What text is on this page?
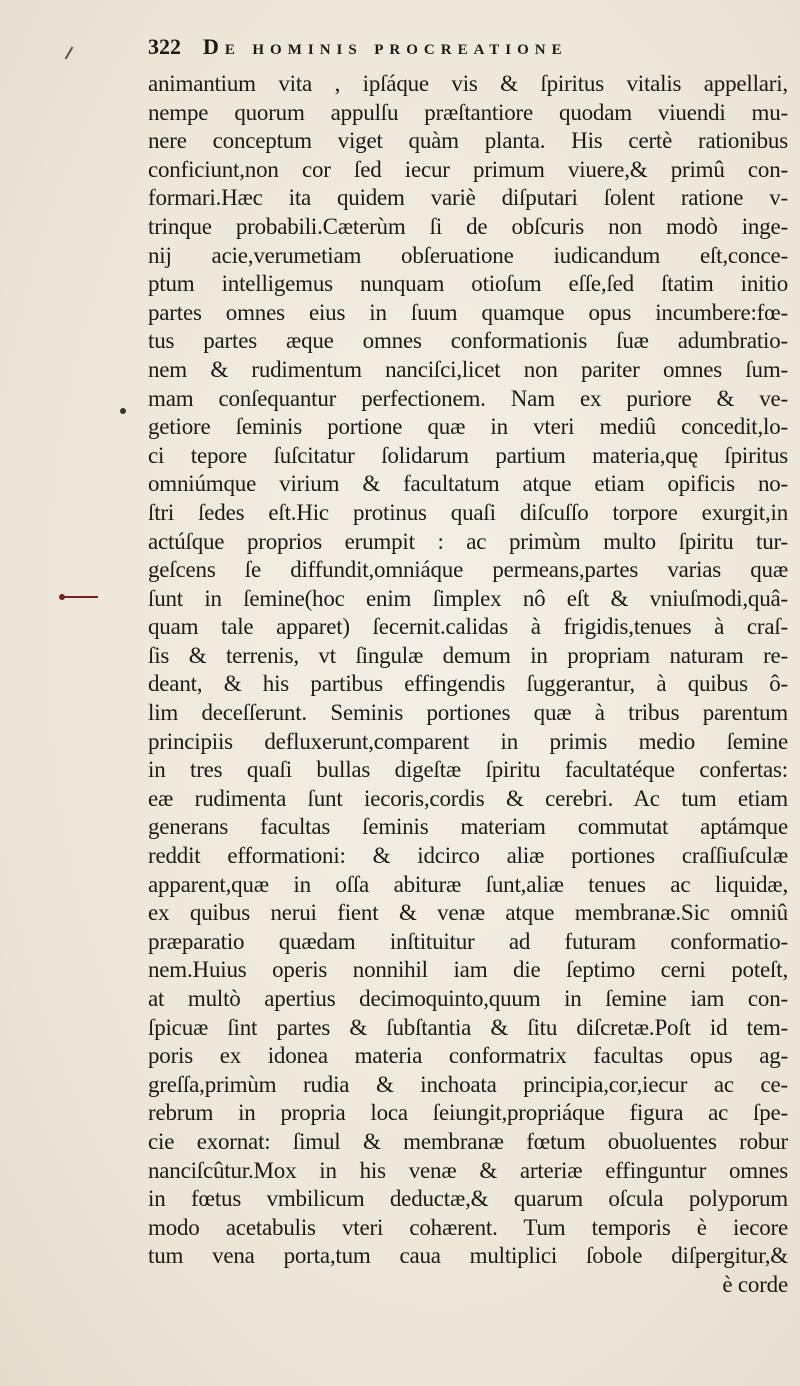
322 De hominis procreatione
animantium vita , ipſáque vis & ſpiritus vitalis appellari,
nempe quorum appulſu præſtantiore quodam viuendi mu-
nere conceptum viget quàm planta. His certè rationibus
conficiunt,non cor ſed iecur primum viuere,& primû con-
formari.Hæc ita quidem variè diſputari ſolent ratione v-
trinque probabili.Cæterùm ſi de obſcuris non modò inge-
nij acie,verumetiam obſeruatione iudicandum eſt,conce-
ptum intelligemus nunquam otioſum eſſe,ſed ſtatim initio
partes omnes eius in ſuum quamque opus incumbere:fœ-
tus partes æque omnes conformationis ſuæ adumbratio-
nem & rudimentum nanciſci,licet non pariter omnes ſum-
mam conſequantur perfectionem. Nam ex puriore & ve-
getiore ſeminis portione quæ in vteri mediû concedit,lo-
ci tepore ſuſcitatur ſolidarum partium materia,quę ſpiritus
omniúmque virium & facultatum atque etiam opificis no-
ſtri ſedes eſt.Hic protinus quaſi diſcuſſo torpore exurgit,in
actúſque proprios erumpit : ac primùm multo ſpiritu tur-
geſcens ſe diffundit,omniáque permeans,partes varias quæ
ſunt in ſemine(hoc enim ſimplex nô eſt & vniuſmodi,quâ-
quam tale apparet) ſecernit.calidas à frigidis,tenues à craſ-
ſis & terrenis, vt ſingulæ demum in propriam naturam re-
deant, & his partibus effingendis ſuggerantur, à quibus ô-
lim deceſſerunt. Seminis portiones quæ à tribus parentum
principiis defluxerunt,comparent in primis medio ſemine
in tres quaſi bullas digeſtæ ſpiritu facultatéque confertas:
eæ rudimenta ſunt iecoris,cordis & cerebri. Ac tum etiam
generans facultas ſeminis materiam commutat aptámque
reddit efformationi: & idcirco aliæ portiones craſſiuſculæ
apparent,quæ in oſſa abituræ ſunt,aliæ tenues ac liquidæ,
ex quibus nerui fient & venæ atque membranæ.Sic omniû
præparatio quædam inſtituitur ad futuram conformatio-
nem.Huius operis nonnihil iam die ſeptimo cerni poteſt,
at multò apertius decimoquinto,quum in ſemine iam con-
ſpicuæ ſint partes & ſubſtantia & ſitu diſcretæ.Poſt id tem-
poris ex idonea materia conformatrix facultas opus ag-
greſſa,primùm rudia & inchoata principia,cor,iecur ac ce-
rebrum in propria loca ſeiungit,propriáque figura ac ſpe-
cie exornat: ſimul & membranæ fœtum obuoluentes robur
nanciſcûtur.Mox in his venæ & arteriæ effinguntur omnes
in fœtus vmbilicum deductæ,& quarum oſcula polyporum
modo acetabulis vteri cohærent. Tum temporis è iecore
tum vena porta,tum caua multiplici ſobole diſpergitur,&
è corde
